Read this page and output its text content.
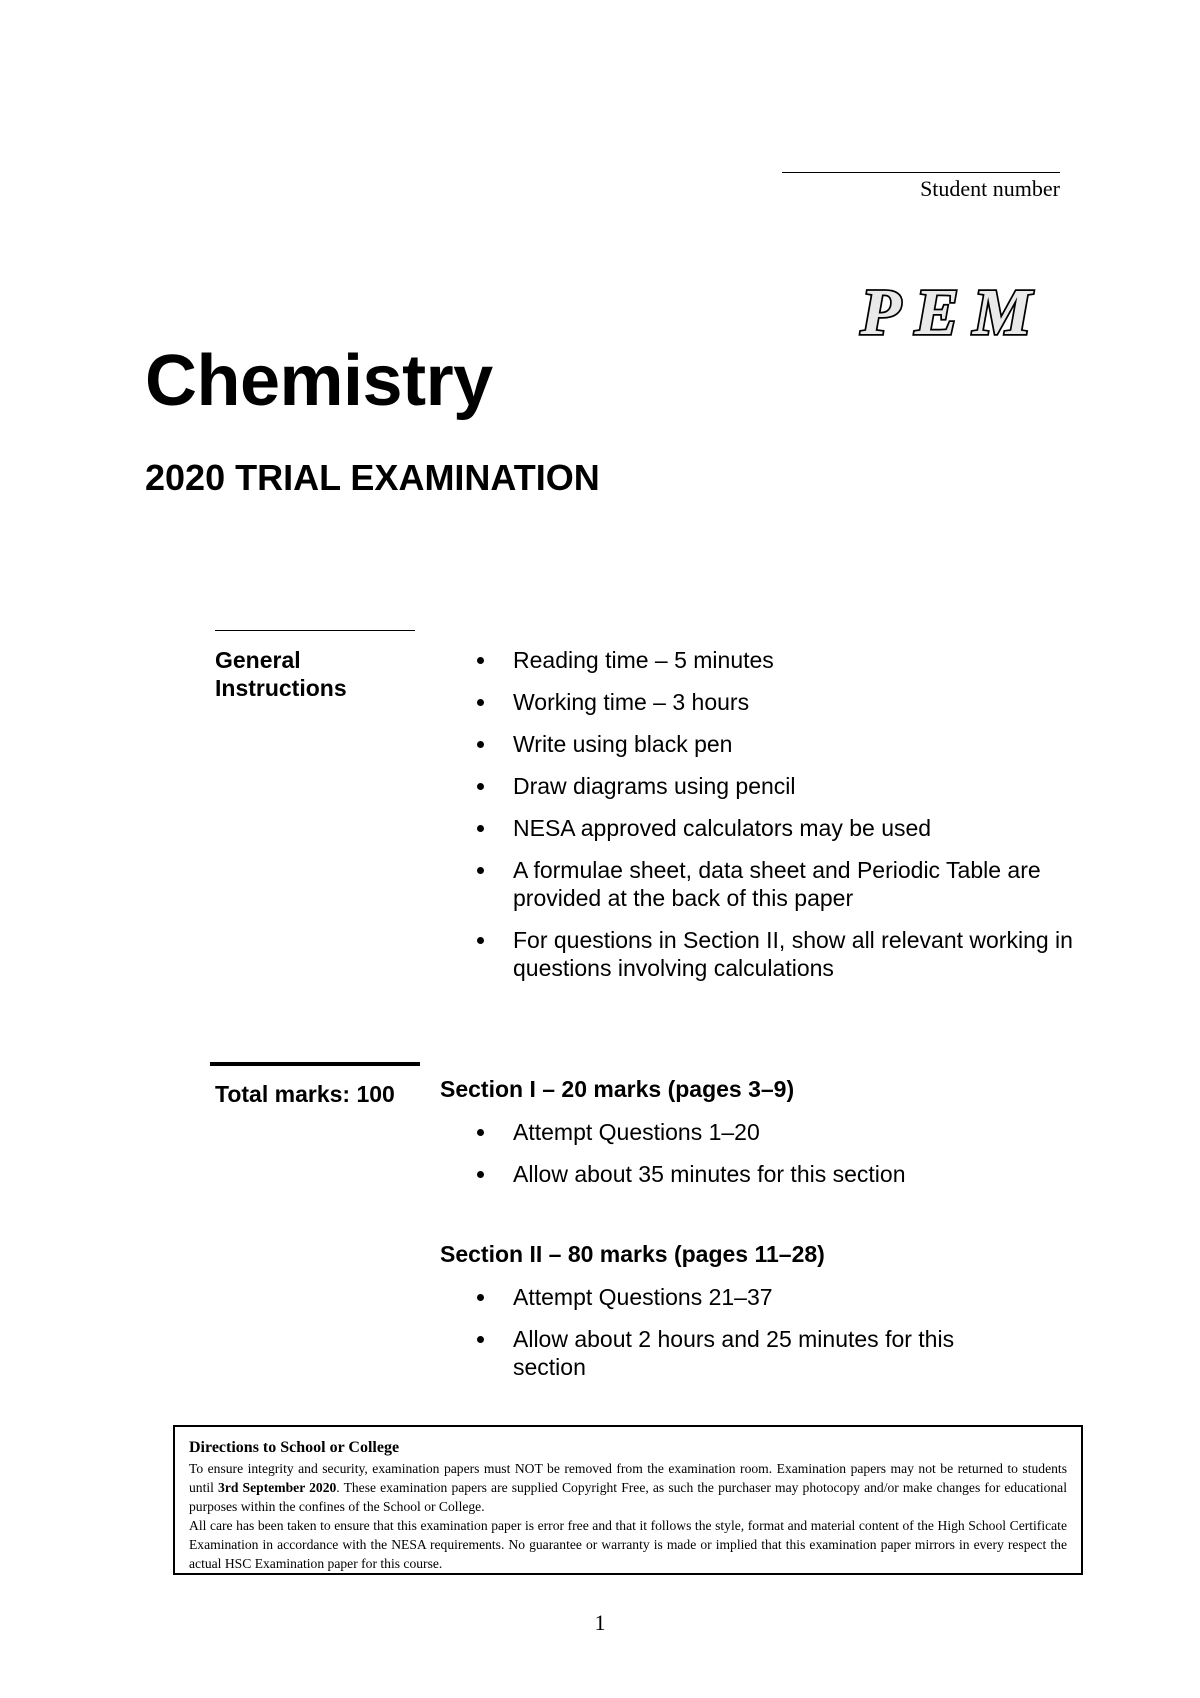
Student number
PEM
Chemistry
2020 TRIAL EXAMINATION
General Instructions
Reading time – 5 minutes
Working time – 3 hours
Write using black pen
Draw diagrams using pencil
NESA approved calculators may be used
A formulae sheet, data sheet and Periodic Table are provided at the back of this paper
For questions in Section II, show all relevant working in questions involving calculations
Total marks: 100 Section I – 20 marks (pages 3–9)
Attempt Questions 1–20
Allow about 35 minutes for this section
Section II – 80 marks (pages 11–28)
Attempt Questions 21–37
Allow about 2 hours and 25 minutes for this section
Directions to School or College

To ensure integrity and security, examination papers must NOT be removed from the examination room. Examination papers may not be returned to students until 3rd September 2020. These examination papers are supplied Copyright Free, as such the purchaser may photocopy and/or make changes for educational purposes within the confines of the School or College.

All care has been taken to ensure that this examination paper is error free and that it follows the style, format and material content of the High School Certificate Examination in accordance with the NESA requirements. No guarantee or warranty is made or implied that this examination paper mirrors in every respect the actual HSC Examination paper for this course.

1
